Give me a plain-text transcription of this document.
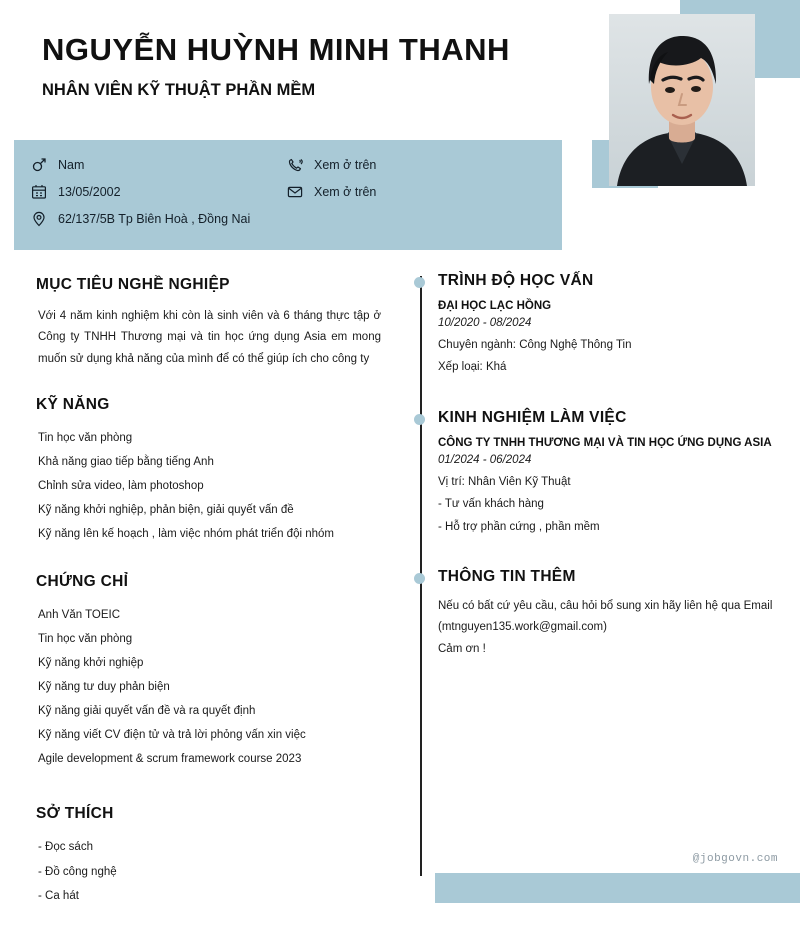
NGUYỄN HUỲNH MINH THANH
NHÂN VIÊN KỸ THUẬT PHẦN MỀM
Nam
13/05/2002
62/137/5B Tp Biên Hoà , Đồng Nai
Xem ở trên
Xem ở trên
MỤC TIÊU NGHỀ NGHIỆP

Với 4 năm kinh nghiệm khi còn là sinh viên và 6 tháng thực tập ở Công ty TNHH Thương mại và tin học ứng dụng Asia em mong muốn sử dụng khả năng của mình để có thể giúp ích cho công ty

KỸ NĂNG
Tin học văn phòng
Khả năng giao tiếp bằng tiếng Anh
Chỉnh sửa video, làm photoshop
Kỹ năng khởi nghiệp, phản biện, giải quyết vấn đề
Kỹ năng lên kế hoạch , làm việc nhóm phát triển đội nhóm
CHỨNG CHỈ
Anh Văn TOEIC
Tin học văn phòng
Kỹ năng khởi nghiệp
Kỹ năng tư duy phản biện
Kỹ năng giải quyết vấn đề và ra quyết định
Kỹ năng viết CV điện tử và trả lời phỏng vấn xin việc
Agile development & scrum framework course 2023
SỞ THÍCH
- Đọc sách
- Đồ công nghệ
- Ca hát
TRÌNH ĐỘ HỌC VẤN

ĐẠI HỌC LẠC HỒNG

10/2020 - 08/2024

Chuyên ngành: Công Nghệ Thông Tin

Xếp loại: Khá

KINH NGHIỆM LÀM VIỆC

CÔNG TY TNHH THƯƠNG MẠI VÀ TIN HỌC ỨNG DỤNG ASIA

01/2024 - 06/2024

Vị trí: Nhân Viên Kỹ Thuật

- Tư vấn khách hàng

- Hỗ trợ phần cứng , phần mềm

THÔNG TIN THÊM

Nếu có bất cứ yêu cầu, câu hỏi bổ sung xin hãy liên hệ qua Email

(mtnguyen135.work@gmail.com)

Cảm ơn !

@jobgovn.com
